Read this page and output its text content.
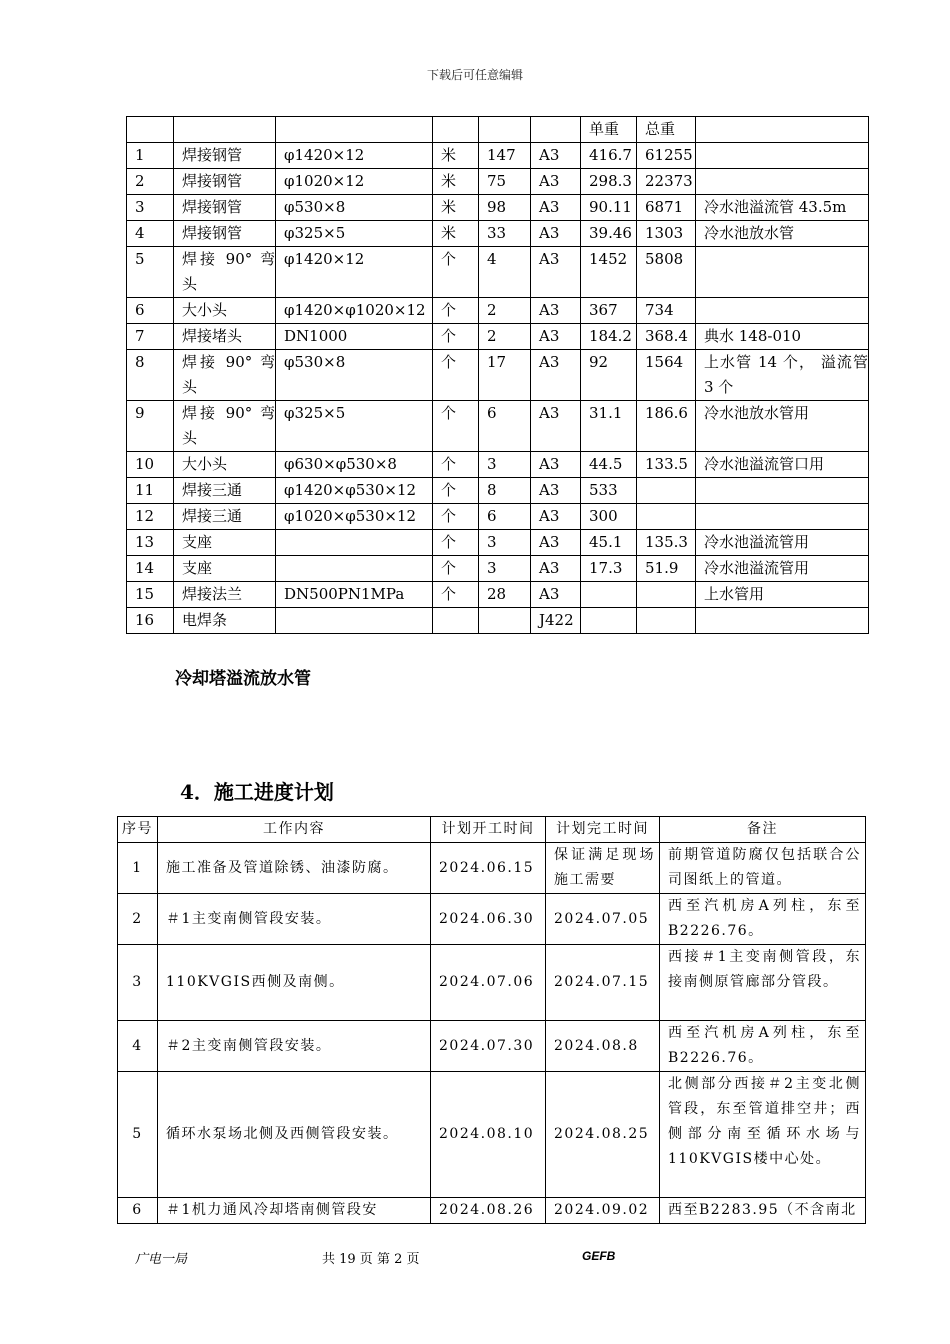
下载后可任意编辑
						单重	总重	
1	焊接钢管	φ1420×12	米	147	A3	416.7	61255	
2	焊接钢管	φ1020×12	米	75	A3	298.3	22373	
3	焊接钢管	φ530×8	米	98	A3	90.11	6871	冷水池溢流管 43.5m
4	焊接钢管	φ325×5	米	33	A3	39.46	1303	冷水池放水管
5	焊接 90° 弯头	φ1420×12	个	4	A3	1452	5808	
6	大小头	φ1420×φ1020×12	个	2	A3	367	734	
7	焊接堵头	DN1000	个	2	A3	184.2	368.4	典水 148-010
8	焊接 90° 弯头	φ530×8	个	17	A3	92	1564	上水管 14 个， 溢流管 3 个
9	焊接 90° 弯头	φ325×5	个	6	A3	31.1	186.6	冷水池放水管用
10	大小头	φ630×φ530×8	个	3	A3	44.5	133.5	冷水池溢流管口用
11	焊接三通	φ1420×φ530×12	个	8	A3	533		
12	焊接三通	φ1020×φ530×12	个	6	A3	300		
13	支座		个	3	A3	45.1	135.3	冷水池溢流管用
14	支座		个	3	A3	17.3	51.9	冷水池溢流管用
15	焊接法兰	DN500PN1MPa	个	28	A3			上水管用
16	电焊条				J422			
冷却塔溢流放水管
4．施工进度计划
序号	工作内容	计划开工时间	计划完工时间	备注
1	施工准备及管道除锈、油漆防腐。	2024.06.15	保证满足现场施工需要	前期管道防腐仅包括联合公司图纸上的管道。
2	＃1主变南侧管段安装。	2024.06.30	2024.07.05	西至汽机房A列柱，东至B2226.76。
3	110KVGIS西侧及南侧。	2024.07.06	2024.07.15	西接＃1主变南侧管段，东接南侧原管廊部分管段。
4	＃2主变南侧管段安装。	2024.07.30	2024.08.8	西至汽机房A列柱，东至B2226.76。
5	循环水泵场北侧及西侧管段安装。	2024.08.10	2024.08.25	北侧部分西接＃2主变北侧管段，东至管道排空井；西侧部分南至循环水场与110KVGIS楼中心处。
6	＃1机力通风冷却塔南侧管段安	2024.08.26	2024.09.02	西至B2283.95（不含南北
广电一局	共 19 页 第 2 页	GEFB
